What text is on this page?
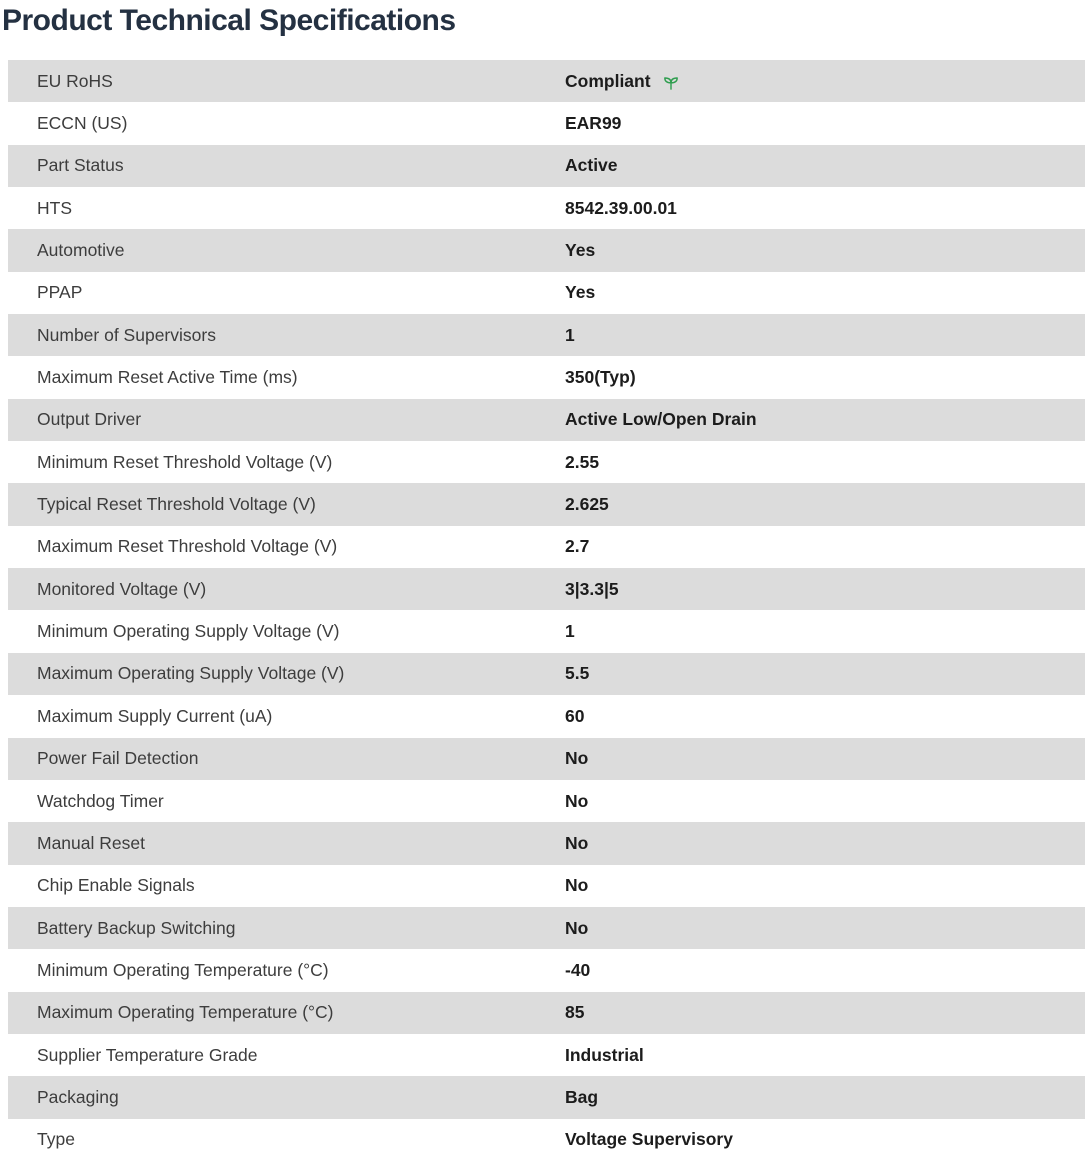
Product Technical Specifications
EU RoHS	Compliant
ECCN (US)	EAR99
Part Status	Active
HTS	8542.39.00.01
Automotive	Yes
PPAP	Yes
Number of Supervisors	1
Maximum Reset Active Time (ms)	350(Typ)
Output Driver	Active Low/Open Drain
Minimum Reset Threshold Voltage (V)	2.55
Typical Reset Threshold Voltage (V)	2.625
Maximum Reset Threshold Voltage (V)	2.7
Monitored Voltage (V)	3|3.3|5
Minimum Operating Supply Voltage (V)	1
Maximum Operating Supply Voltage (V)	5.5
Maximum Supply Current (uA)	60
Power Fail Detection	No
Watchdog Timer	No
Manual Reset	No
Chip Enable Signals	No
Battery Backup Switching	No
Minimum Operating Temperature (°C)	-40
Maximum Operating Temperature (°C)	85
Supplier Temperature Grade	Industrial
Packaging	Bag
Type	Voltage Supervisory
